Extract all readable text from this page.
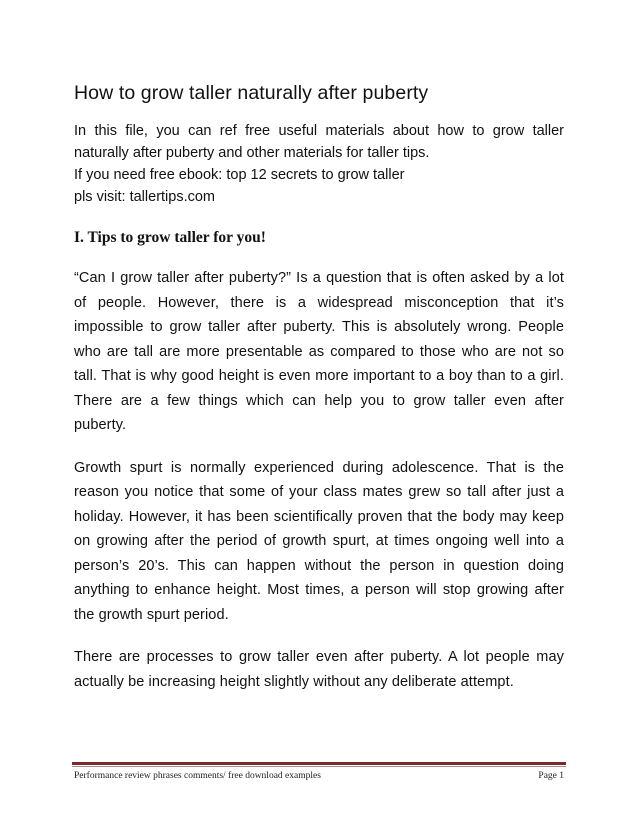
How to grow taller naturally after puberty

In this file, you can ref free useful materials about how to grow taller naturally after puberty and other materials for taller tips.

If you need free ebook: top 12 secrets to grow taller

pls visit: tallertips.com

I. Tips to grow taller for you!

“Can I grow taller after puberty?” Is a question that is often asked by a lot of people. However, there is a widespread misconception that it’s impossible to grow taller after puberty. This is absolutely wrong. People who are tall are more presentable as compared to those who are not so tall. That is why good height is even more important to a boy than to a girl. There are a few things which can help you to grow taller even after puberty.

Growth spurt is normally experienced during adolescence. That is the reason you notice that some of your class mates grew so tall after just a holiday. However, it has been scientifically proven that the body may keep on growing after the period of growth spurt, at times ongoing well into a person’s 20’s. This can happen without the person in question doing anything to enhance height. Most times, a person will stop growing after the growth spurt period.

There are processes to grow taller even after puberty. A lot people may actually be increasing height slightly without any deliberate attempt.

Performance review phrases comments/ free download examples	Page 1
